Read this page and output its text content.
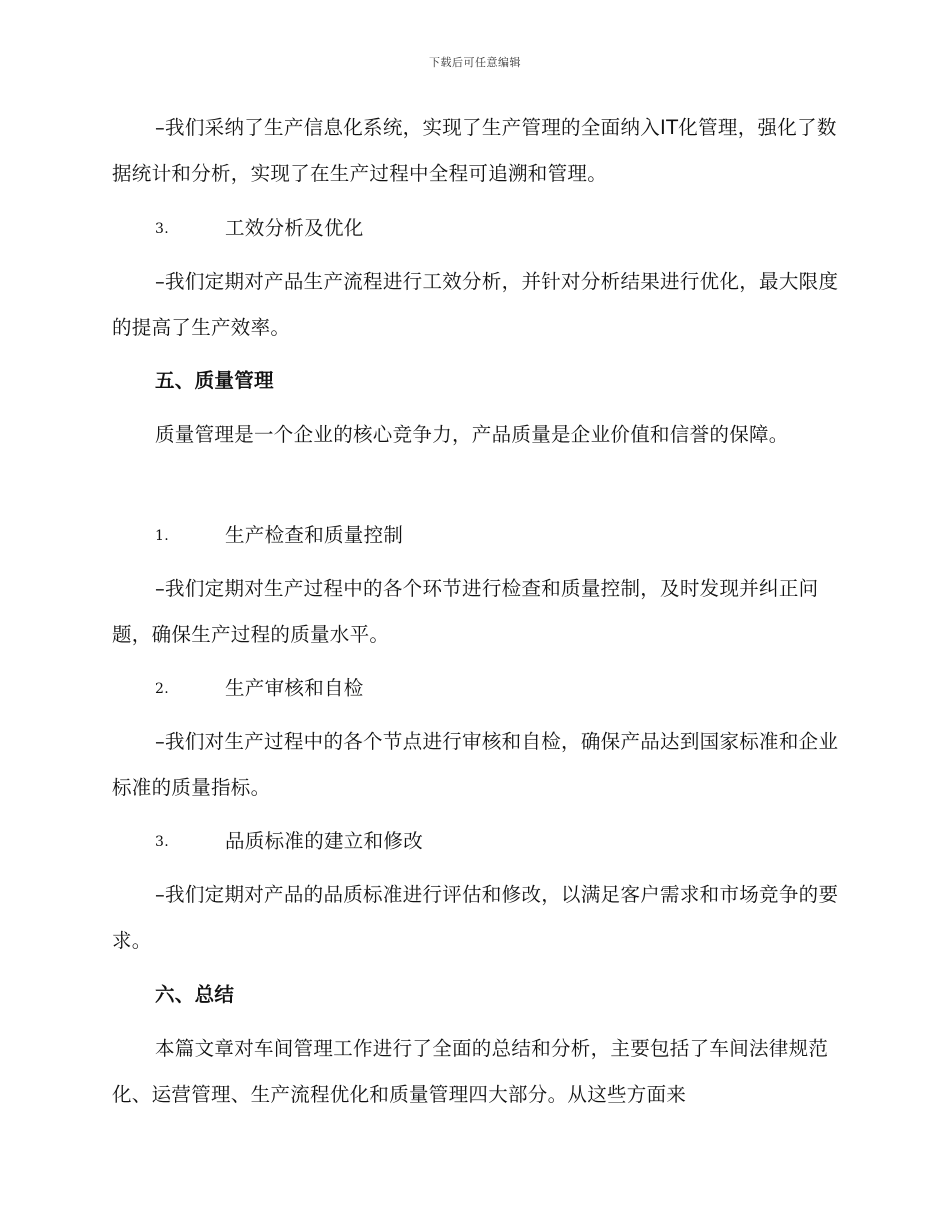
下载后可任意编辑

–我们采纳了生产信息化系统，实现了生产管理的全面纳入IT化管理，强化了数据统计和分析，实现了在生产过程中全程可追溯和管理。

3.	工效分析及优化

–我们定期对产品生产流程进行工效分析，并针对分析结果进行优化，最大限度的提高了生产效率。

五、质量管理

质量管理是一个企业的核心竞争力，产品质量是企业价值和信誉的保障。

1.	生产检查和质量控制

–我们定期对生产过程中的各个环节进行检查和质量控制，及时发现并纠正问题，确保生产过程的质量水平。

2.	生产审核和自检

–我们对生产过程中的各个节点进行审核和自检，确保产品达到国家标准和企业标准的质量指标。

3.	品质标准的建立和修改

–我们定期对产品的品质标准进行评估和修改，以满足客户需求和市场竞争的要求。

六、总结

本篇文章对车间管理工作进行了全面的总结和分析，主要包括了车间法律规范化、运营管理、生产流程优化和质量管理四大部分。从这些方面来
